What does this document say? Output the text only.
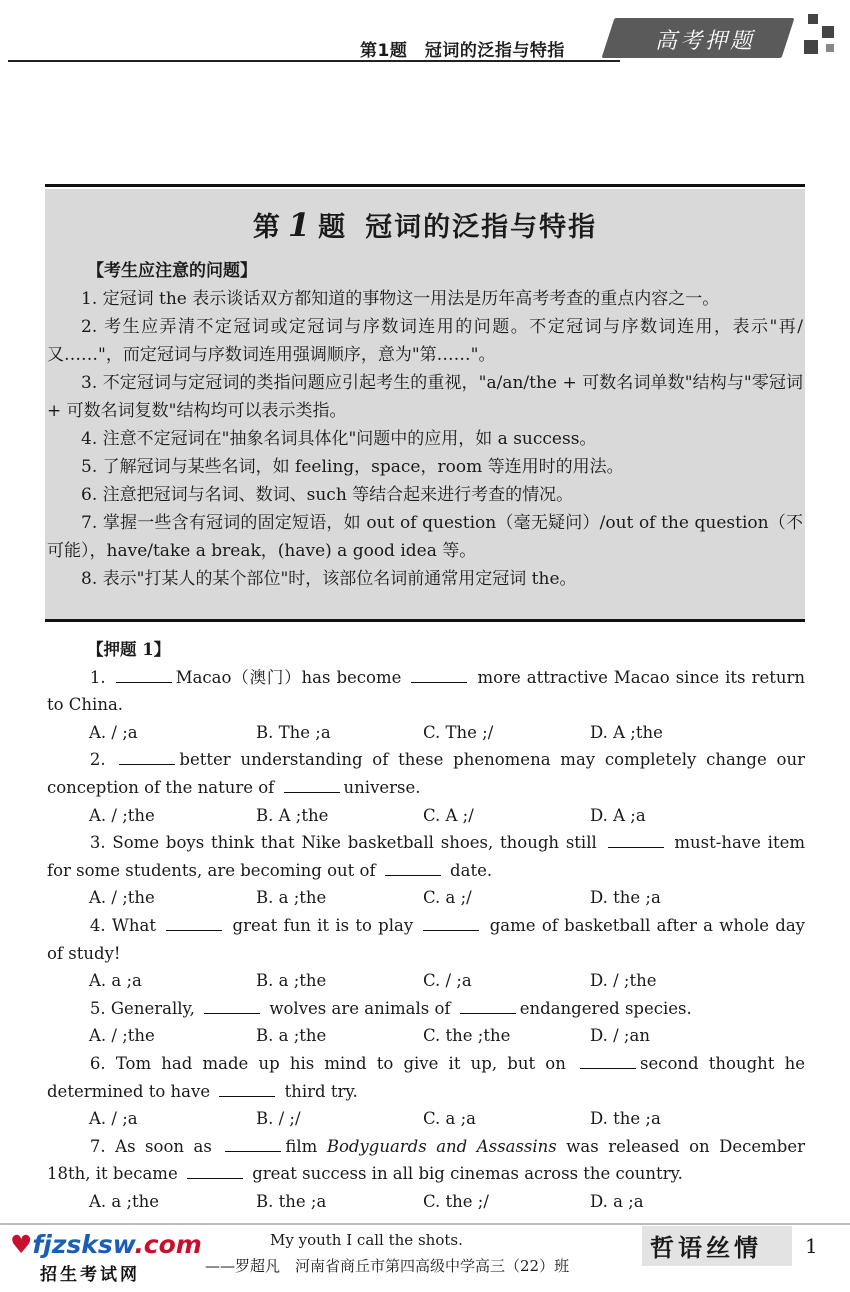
第1题　冠词的泛指与特指	高考押题
第 1 题 冠词的泛指与特指

【考生应注意的问题】

1. 定冠词 the 表示谈话双方都知道的事物这一用法是历年高考考查的重点内容之一。

2. 考生应弄清不定冠词或定冠词与序数词连用的问题。不定冠词与序数词连用，表示"再/又……"，而定冠词与序数词连用强调顺序，意为"第……"。

3. 不定冠词与定冠词的类指问题应引起考生的重视，"a/an/the + 可数名词单数"结构与"零冠词 + 可数名词复数"结构均可以表示类指。

4. 注意不定冠词在"抽象名词具体化"问题中的应用，如 a success。

5. 了解冠词与某些名词，如 feeling，space，room 等连用时的用法。

6. 注意把冠词与名词、数词、such 等结合起来进行考查的情况。

7. 掌握一些含有冠词的固定短语，如 out of question（毫无疑问）/out of the question（不可能），have/take a break，(have) a good idea 等。

8. 表示"打某人的某个部位"时，该部位名词前通常用定冠词 the。

【押题 1】

1.	Macao（澳门）has become	more attractive Macao since its return to China.

A. / ;a	B. The ;a	C. The ;/	D. A ;the

2.	better understanding of these phenomena may completely change our conception of the nature of	universe.

A. / ;the	B. A ;the	C. A ;/	D. A ;a

3. Some boys think that Nike basketball shoes, though still	must-have item for some students, are becoming out of	date.

A. / ;the	B. a ;the	C. a ;/	D. the ;a

4. What	great fun it is to play	game of basketball after a whole day of study!

A. a ;a	B. a ;the	C. / ;a	D. / ;the

5. Generally,	wolves are animals of	endangered species.

A. / ;the	B. a ;the	C. the ;the	D. / ;an

6. Tom had made up his mind to give it up, but on	second thought he determined to have	third try.

A. / ;a	B. / ;/	C. a ;a	D. the ;a

7. As soon as	film Bodyguards and Assassins was released on December 18th, it became	great success in all big cinemas across the country.

A. a ;the	B. the ;a	C. the ;/	D. a ;a
♥fjzsksw.com
招生考试网
My youth I call the shots.
——罗超凡　河南省商丘市第四高级中学高三（22）班
哲语丝情 1
